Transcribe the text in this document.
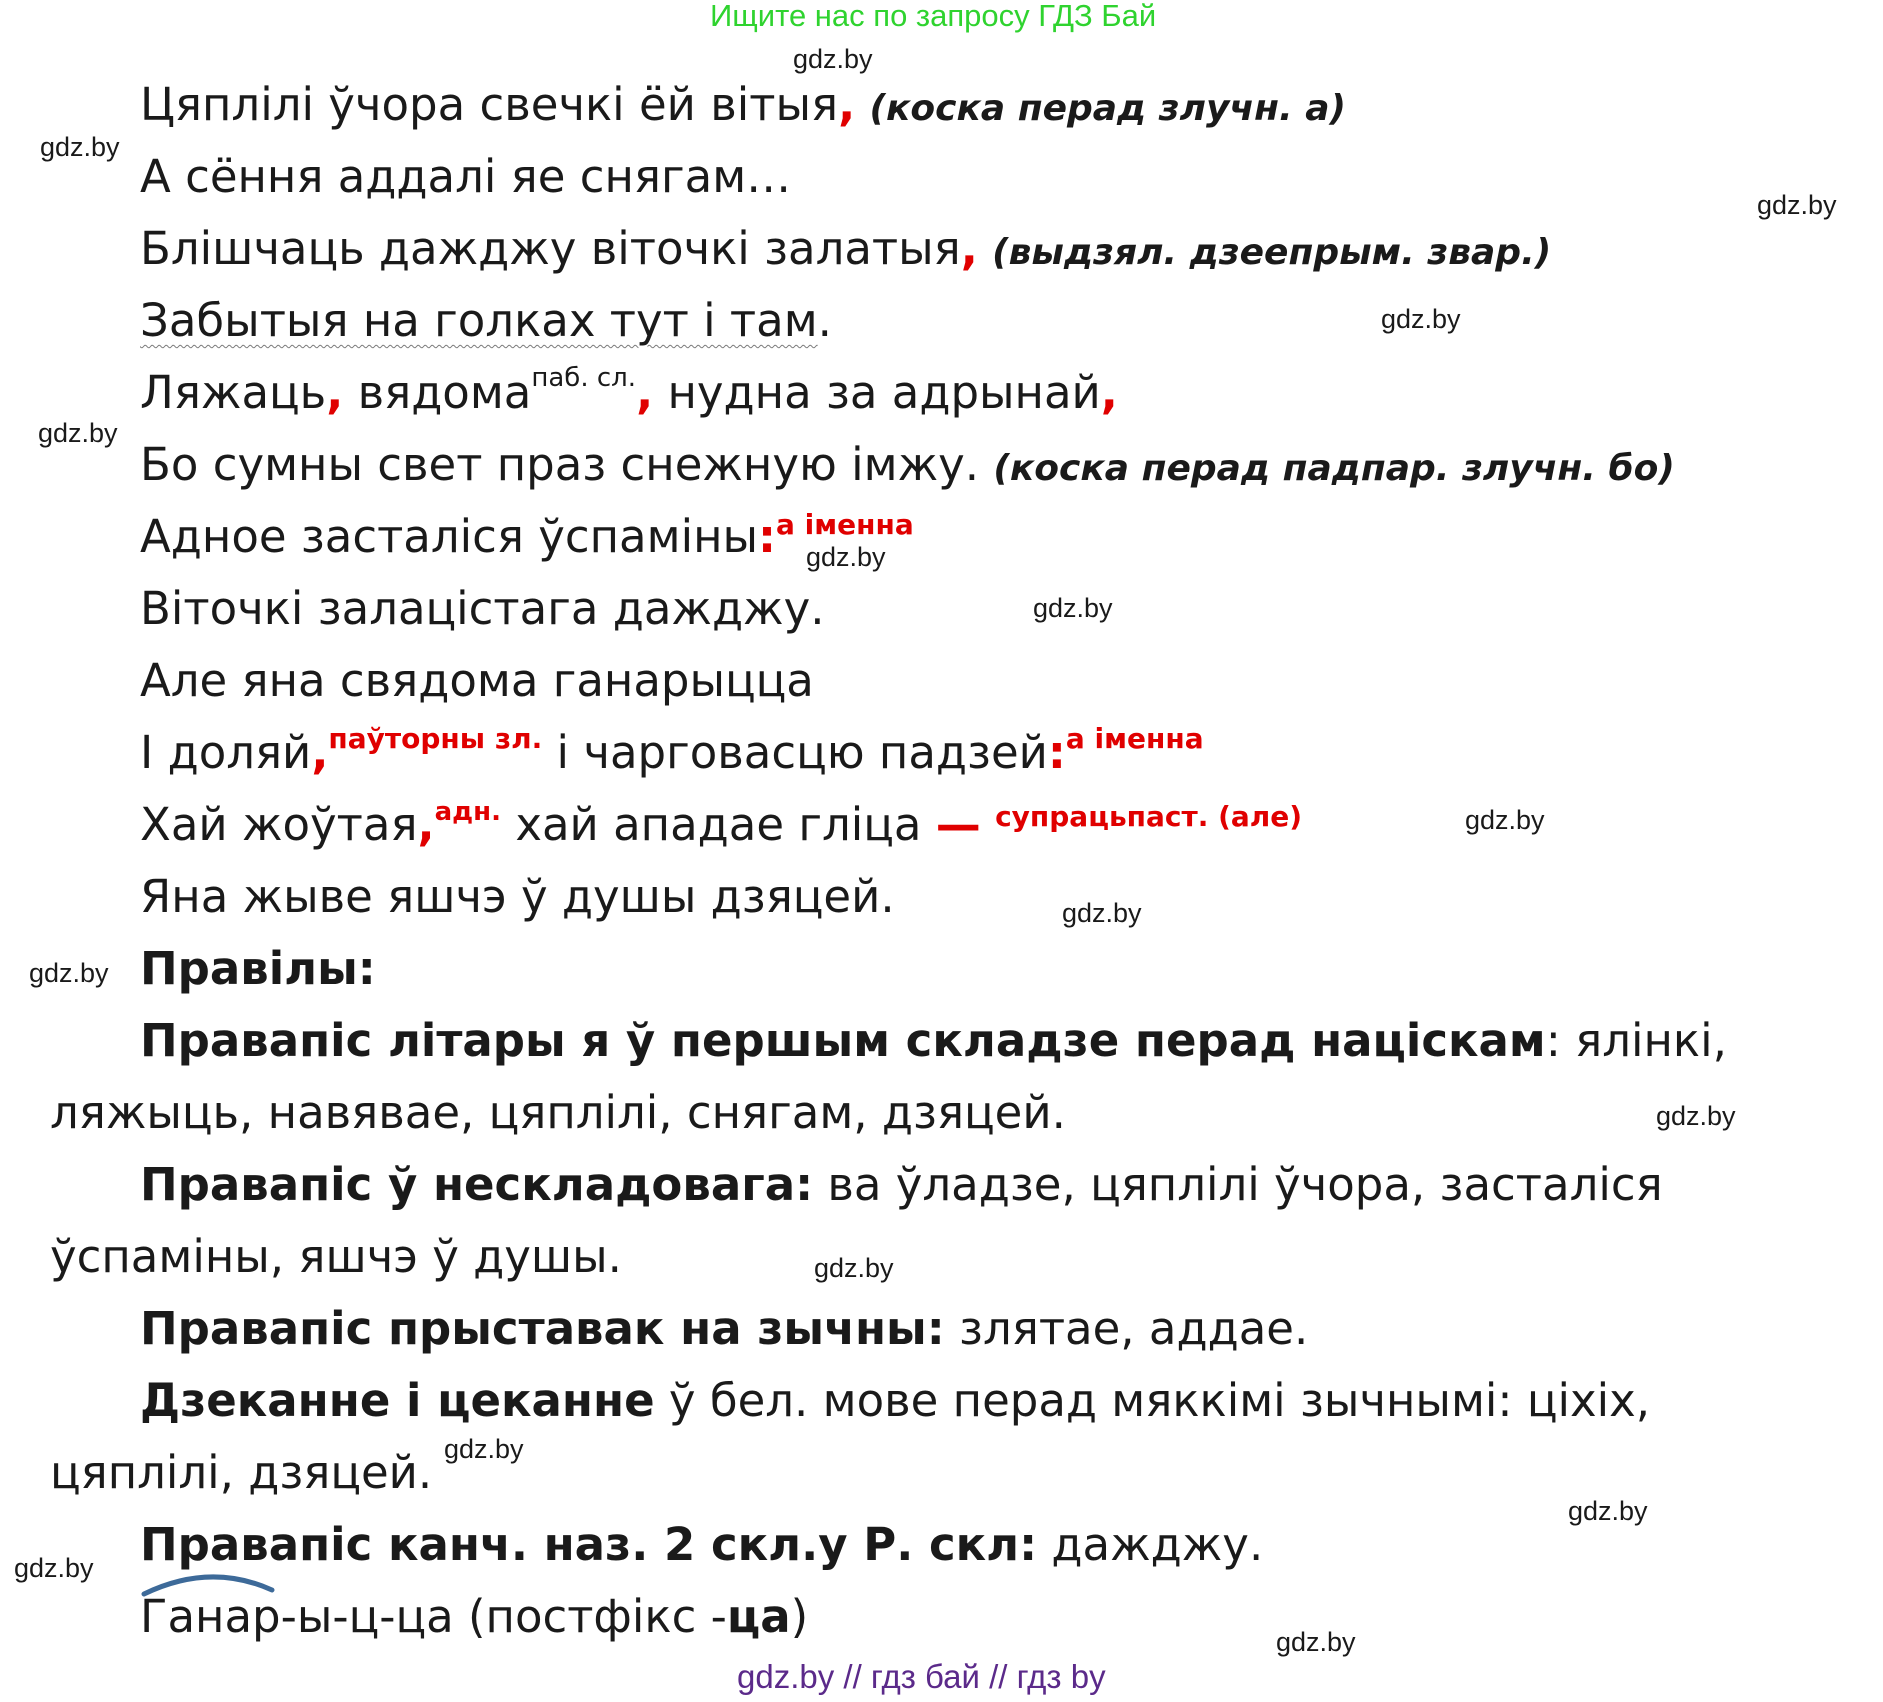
Ищите нас по запросу ГДЗ Бай
gdz.by
gdz.by
gdz.by
gdz.by
gdz.by
gdz.by
gdz.by
gdz.by
gdz.by
gdz.by
gdz.by
gdz.by
gdz.by
gdz.by
gdz.by
gdz.by
Цяплілі ўчора свечкі ёй вітыя, (коска перад злучн. а)
А сёння аддалі яе снягам…
Блішчаць дажджу віточкі залатыя, (выдзял. дзеепрым. звар.)
Забытыя на голках тут і там.
Ляжаць, вядома$^{паб. сл.}$, нудна за адрынай,
Бо сумны свет праз снежную імжу. (коска перад падпар. злучн. бо)
Адное засталіся ўспаміны:$^{а іменна}$
Віточкі залацістага дажджу.
Але яна свядома ганарыцца
І доляй,$^{паўторны зл.}$ і чарговасцю падзей:$^{а іменна}$
Хай жоўтая,$^{адн.}$ хай ападае гліца — $^{супрацьпаст. (але)}$
Яна жыве яшчэ ў душы дзяцей.
Правілы:
Правапіс літары я ў першым складзе перад націскам: ялінкі,
ляжыць, навявае, цяплілі, снягам, дзяцей.
Правапіс ў нескладовага: ва ўладзе, цяплілі ўчора, засталіся
ўспаміны, яшчэ ў душы.
Правапіс прыставак на зычны: злятае, аддае.
Дзеканне і цеканне ў бел. мове перад мяккімі зычнымі: ціхіх,
цяплілі, дзяцей.
Правапіс канч. наз. 2 скл.у Р. скл: дажджу.
Ганар-ы-ц-ца (постфікс -ца)
gdz.by // гдз бай // гдз by
